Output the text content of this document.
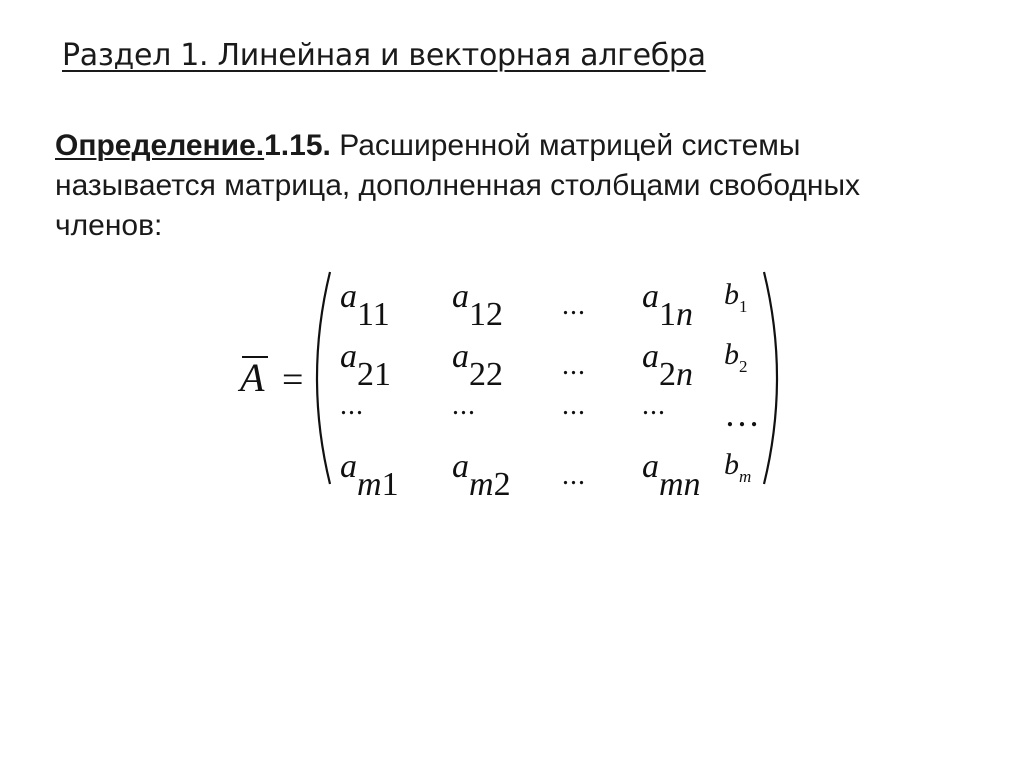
Раздел 1. Линейная и векторная алгебра
Определение.1.15. Расширенной матрицей системы называется матрица, дополненная столбцами свободных членов:
A =
a11 a12 ... a1n
b1
a21 a22 ... a2n
b2
...	...	... ... …
am1 am2 ... amn
bm
